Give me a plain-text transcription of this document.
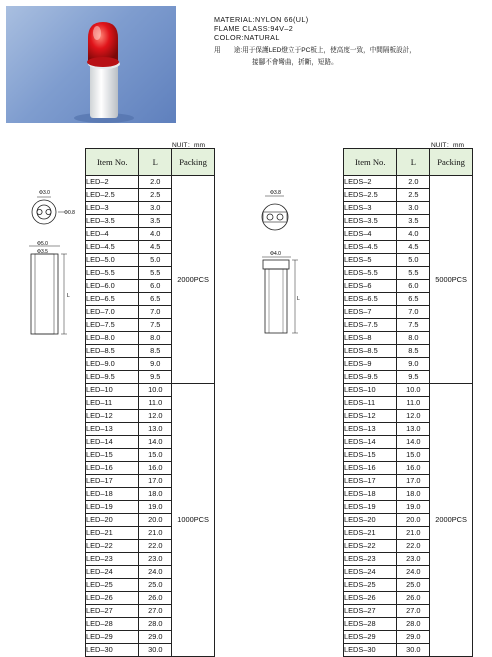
MATERIAL:NYLON 66(UL)
FLAME CLASS:94V–2
COLOR:NATURAL
用　　途:用于保護LED燈立于PC板上，使高度一致，中間隔板設計，
接腳不會彎曲，折斷，短路。
NUIT：mm	NUIT：mm
Φ3.0
Φ0.8
Φ5.0
Φ3.5
L
Φ3.8
Φ4.0
L
Item No.	L	Packing
LED–2	2.0	2000PCS
LED–2.5	2.5	
LED–3	3.0	
LED–3.5	3.5	
LED–4	4.0	
LED–4.5	4.5	
LED–5.0	5.0	
LED–5.5	5.5	
LED–6.0	6.0	
LED–6.5	6.5	
LED–7.0	7.0	
LED–7.5	7.5	
LED–8.0	8.0	
LED–8.5	8.5	
LED–9.0	9.0	
LED–9.5	9.5	
LED–10	10.0	1000PCS
LED–11	11.0	
LED–12	12.0	
LED–13	13.0	
LED–14	14.0	
LED–15	15.0	
LED–16	16.0	
LED–17	17.0	
LED–18	18.0	
LED–19	19.0	
LED–20	20.0	
LED–21	21.0	
LED–22	22.0	
LED–23	23.0	
LED–24	24.0	
LED–25	25.0	
LED–26	26.0	
LED–27	27.0	
LED–28	28.0	
LED–29	29.0	
LED–30	30.0	
Item No.	L	Packing
LEDS–2	2.0	5000PCS
LEDS–2.5	2.5	
LEDS–3	3.0	
LEDS–3.5	3.5	
LEDS–4	4.0	
LEDS–4.5	4.5	
LEDS–5	5.0	
LEDS–5.5	5.5	
LEDS–6	6.0	
LEDS–6.5	6.5	
LEDS–7	7.0	
LEDS–7.5	7.5	
LEDS–8	8.0	
LEDS–8.5	8.5	
LEDS–9	9.0	
LEDS–9.5	9.5	
LEDS–10	10.0	2000PCS
LEDS–11	11.0	
LEDS–12	12.0	
LEDS–13	13.0	
LEDS–14	14.0	
LEDS–15	15.0	
LEDS–16	16.0	
LEDS–17	17.0	
LEDS–18	18.0	
LEDS–19	19.0	
LEDS–20	20.0	
LEDS–21	21.0	
LEDS–22	22.0	
LEDS–23	23.0	
LEDS–24	24.0	
LEDS–25	25.0	
LEDS–26	26.0	
LEDS–27	27.0	
LEDS–28	28.0	
LEDS–29	29.0	
LEDS–30	30.0	
